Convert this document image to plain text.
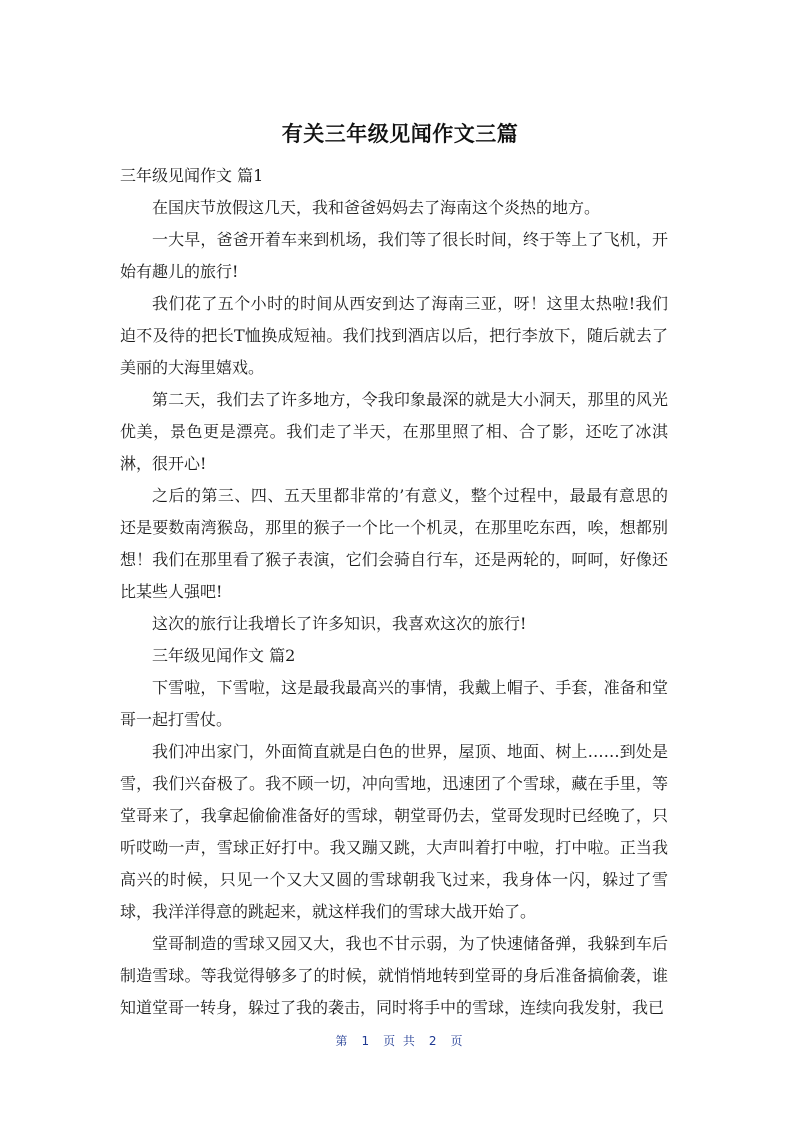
有关三年级见闻作文三篇

三年级见闻作文 篇1

在国庆节放假这几天，我和爸爸妈妈去了海南这个炎热的地方。

一大早，爸爸开着车来到机场，我们等了很长时间，终于等上了飞机，开始有趣儿的旅行!

我们花了五个小时的时间从西安到达了海南三亚，呀！这里太热啦!我们迫不及待的把长T恤换成短袖。我们找到酒店以后，把行李放下，随后就去了美丽的大海里嬉戏。

第二天，我们去了许多地方，令我印象最深的就是大小洞天，那里的风光优美，景色更是漂亮。我们走了半天，在那里照了相、合了影，还吃了冰淇淋，很开心!

之后的第三、四、五天里都非常的’有意义，整个过程中，最最有意思的还是要数南湾猴岛，那里的猴子一个比一个机灵，在那里吃东西，唉，想都别想！我们在那里看了猴子表演，它们会骑自行车，还是两轮的，呵呵，好像还比某些人强吧!

这次的旅行让我增长了许多知识，我喜欢这次的旅行!

三年级见闻作文 篇2

下雪啦，下雪啦，这是最我最高兴的事情，我戴上帽子、手套，准备和堂哥一起打雪仗。

我们冲出家门，外面简直就是白色的世界，屋顶、地面、树上……到处是雪，我们兴奋极了。我不顾一切，冲向雪地，迅速团了个雪球，藏在手里，等堂哥来了，我拿起偷偷准备好的雪球，朝堂哥仍去，堂哥发现时已经晚了，只听哎呦一声，雪球正好打中。我又蹦又跳，大声叫着打中啦，打中啦。正当我高兴的时候，只见一个又大又圆的雪球朝我飞过来，我身体一闪，躲过了雪球，我洋洋得意的跳起来，就这样我们的雪球大战开始了。

堂哥制造的雪球又园又大，我也不甘示弱，为了快速储备弹，我躲到车后制造雪球。等我觉得够多了的时候，就悄悄地转到堂哥的身后准备搞偷袭，谁知道堂哥一转身，躲过了我的袭击，同时将手中的雪球，连续向我发射，我已

第 1 页 共 2 页
